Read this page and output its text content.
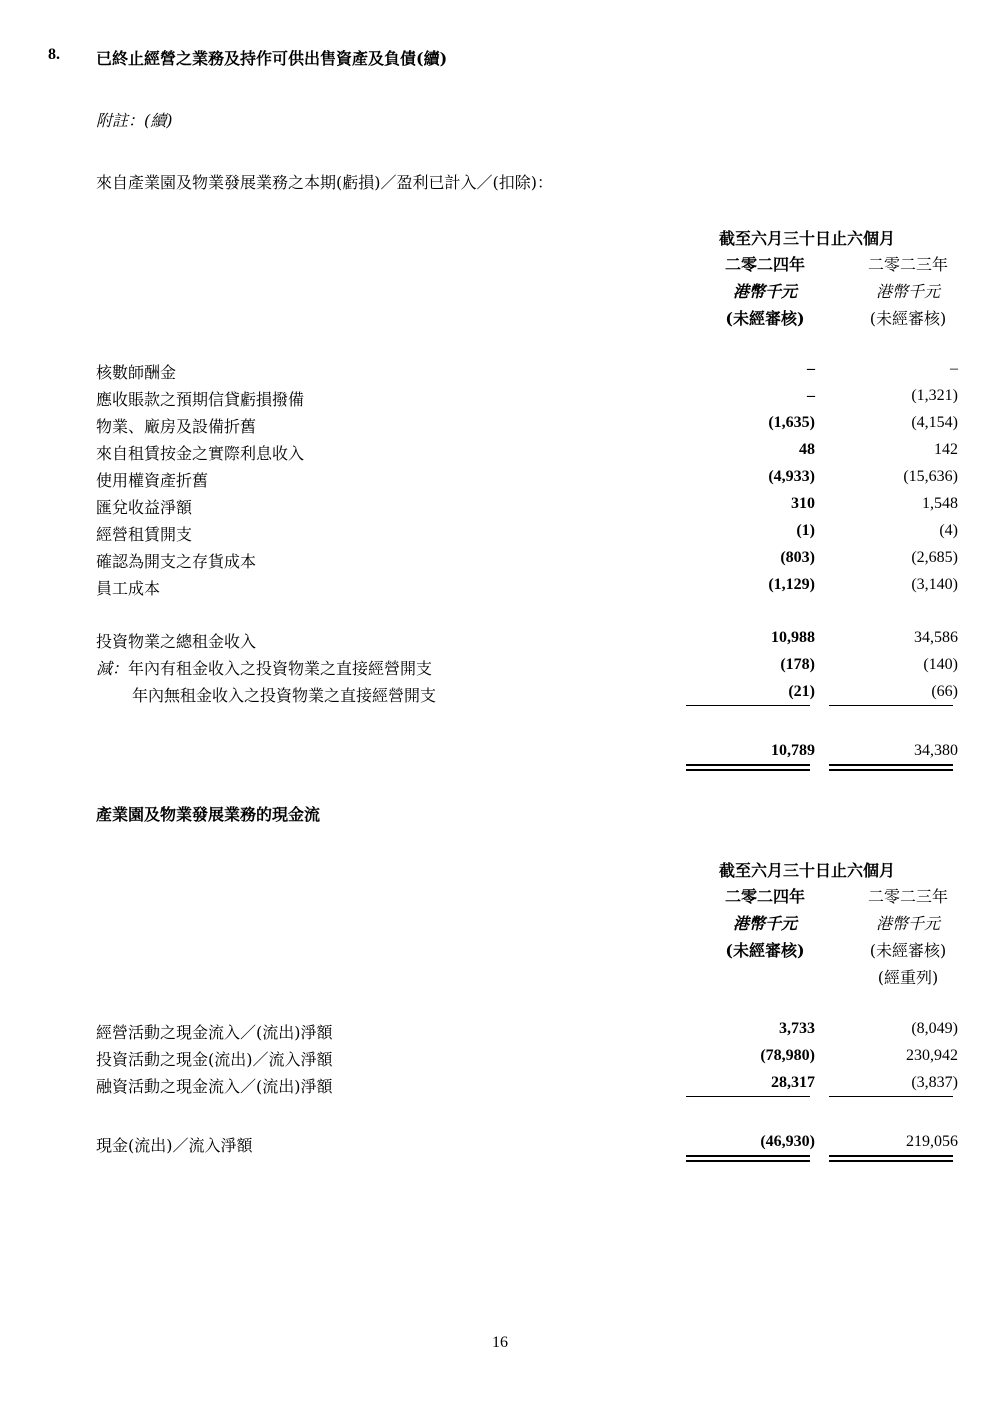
8. 已終止經營之業務及持作可供出售資產及負債(續)
附註：(續)
來自產業園及物業發展業務之本期(虧損)／盈利已計入／(扣除)：
截至六月三十日止六個月
二零二四年	二零二三年
港幣千元	港幣千元
(未經審核)	(未經審核)
核數師酬金	–	–
應收賬款之預期信貸虧損撥備	–	(1,321)
物業、廠房及設備折舊	(1,635)	(4,154)
來自租賃按金之實際利息收入	48	142
使用權資產折舊	(4,933)	(15,636)
匯兌收益淨額	310	1,548
經營租賃開支	(1)	(4)
確認為開支之存貨成本	(803)	(2,685)
員工成本	(1,129)	(3,140)
投資物業之總租金收入	10,988	34,586
減：年內有租金收入之投資物業之直接經營開支	(178)	(140)
年內無租金收入之投資物業之直接經營開支	(21)	(66)
10,789	34,380
產業園及物業發展業務的現金流
截至六月三十日止六個月
二零二四年	二零二三年
港幣千元	港幣千元
(未經審核)	(未經審核)
(經重列)
經營活動之現金流入／(流出)淨額	3,733	(8,049)
投資活動之現金(流出)／流入淨額	(78,980)	230,942
融資活動之現金流入／(流出)淨額	28,317	(3,837)
現金(流出)／流入淨額	(46,930)	219,056
16
